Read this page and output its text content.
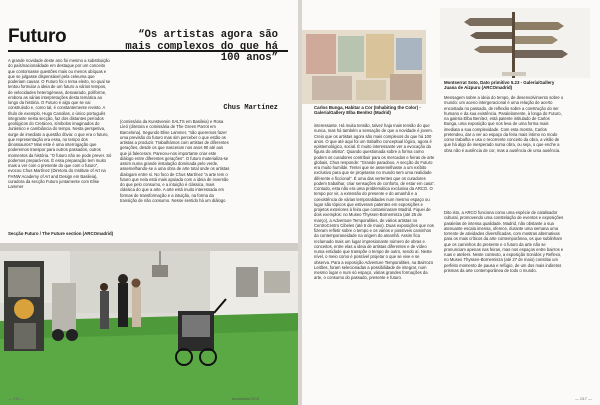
Futuro

A grande novidade deste ano foi mesmo a substituição do país/nacionalidade em destaque por um conceito que contornasse questões mais ou menos ubíquas e que se julgasse dispensável pela celeuma que poderiam causar. O Futuro foi o tema eleito, no qual se tentou formular a ideia de um futuro a vários tempos, de velocidades heterogéneas, desvairado, poliforme, embora as várias interpretações desta temática ao longo da história. O Futuro é algo que se vai construindo e, como tal, é constantemente revisto. A título de exemplo, Hugo Canoilas, o único português integrante nesta secção, faz dos distantes períodos geológicos do Cretáceo, símbolos imaginados do Jurássico e cambiância do tempo. Nesta perspetiva, surge de imediato a questão óbvia: o que era o futuro, que representação era essa, no tempo dos dinossauros? Mas este é uma interrogação que poderemos transpor para outros passados, outros momentos da história. “O futuro não se pode prever. Só podemos prepará-nos. É essa preparação tem muito mais a ver com o presente do que com o futuro”, evocou Chus Martínez (Diretora do Institute of Art na FHNW Academy of Art and Design em Basileia), curadora da secção Futuro juntamente com Elise Lammer

“Os artistas agora são mais complexos do que há 100 anos”
Chus Martínez

(comissária da Kunstverein SALTS em Basileia) e Rosa Lleó (diretora e comissária de The Green Parrot em Barcelona). Segundo Elise Lammer, “não queremos fazer uma previsão do futuro mas sim perceber o que estão os artistas a produzir. Trabalhámos com artistas de diferentes gerações, desde os que nasceram nos anos 90 até aos que já faleceram. Pareceu-nos importante criar este diálogo entre diferentes gerações”. O futuro materializa-se assim numa grande instalação dominada pelo verde, assemelhando-se a uma obra de arte total onde os artistas dialogam entre si. No foco de Chus Martínez “a arte tem o futuro que nela está mais apoiada com a ideia de inversão do que pelo consumo, e a intuição é clássica, mais clássica do que a arte. A arte está muito interessada em formas de transformação e a intuição, na forma da transição de não consumo. Nesse sentido há um diálogo

Secção Futuro / The Future section (ARCOmadrid)

— 016 —	arcomadrid 2019

Carlos Bunga, Habitar a Cor (Inhabiting the Color) - Galería/Gallery Elba Benítez (Madrid)

interessante. Há muita tensão, talvez haja mais tensão do que nunca, mas há também a sensação de que a novidade é jovem. Creio que os artistas agora são mais complexos do que há 100 anos. O que até aqui foi um trabalho conceptual lógico, agora é epistemológico, social. É muito interessante ver a evocação da figura do artista”. Quando questionada sobre a forma como podem os curadores contribuir para os mercados e feiras de arte globais, Chus responde: “Grande paradoxo. A secção do Futuro era muito humilde. Tentei que se assemelhasse a um exíbito exclusivo para que se projetasse no mundo sem uma realidade diferente e ficcional”. É uma das vertentes que os curadores podem trabalhar, criar sensações de conforto, de estar em casa”. Contudo, esta não era uma problemática exclusiva da ARCO. O tempo por vir, a extensão do presente e do amanhã e a coexistência de várias temporalidades num mesmo espaço ou lugar são tópicos que estiveram patentes em exposições e projetos exteriores à feira que contaminaram Madrid. Fiquei de dois exemplos: no Museo Thyssen-Bornemisza (até 25 de março), a Adventure Temporalities, de vários artistas no CentroCentro Cibeles (até 6 de maio). Duas exposições que nos fizeram refletir sobre o tempo e os vários e possíveis caminhos da contemporaneidade na origem do amanhã. Assim fica reclamado mais um lugar impresionante número de obras e conceitos, entre elas a ideia de artistas diferentes e de vídeo numa entidade que transpõe o tempo de outro, sendo aí. Neste nível, o meio como é possível projetar o que se vive e se observa. Para a exposição Adventure Temporalities, na Bairrozo Leitões, foram selecionadas a possibilidade de integrar, num mesmo lugar e num só espaço, várias grandes formações da arte, o consumo do passado, presente e futuro.

Montserrat Soto, Dato primitivo 5.23 - Galería/Gallery Juana de Aizpuru (ARCOmadrid)

Mensagem sobre a ideia do tempo, de desenvolvimento sobre o mundo: um aceno intergeracional é uma relação de acerto encostada no passado, de reflexão sobre a construção do ser humano e da sua existência. Paralelamente, à longa do Futuro, na galeria Elba Benítez, está patente intitulado de Carlos Bunga, uma exposição que nos leva de uma forma mais imediata a sua complexidade. Com esta mostra, Carlos pretendeu, dar a ver ao espaço da feira mais íntimo no modo como trabalha e usa o recorrente conceito da obra, a visão de que há algo de inesperado numa obra, ou seja, o que enche a obra não é ausência de cor, mas a ausência de uma ausência.

Dito isto, a ARCO funciona como uma espécie de catalisador cultural, promovendo uma constelação de eventos e exposições paralelas de intensa qualidade. Madrid, não obstante a sua atenuante escala imensa, oferece, durante uma semana uma torrente de atividades diversificadas, com mostras alternativas para os mais críticos da arte contemporânea, os que sublinham que os caminhos do presente e o futuro da arte não se pronunciam apenas nas feiras, mas nos espaços entre bairros e ruas e ateliers. Neste contexto, a exposição Sonidos y Reflexo, no Museo Thyssen-Bornemisza (até 27 de maio) constitui um perfeito momento de pausa e refúgio, de um dos mais indiretos prismas da arte contemporânea de todo o mundo.

— 017 —
